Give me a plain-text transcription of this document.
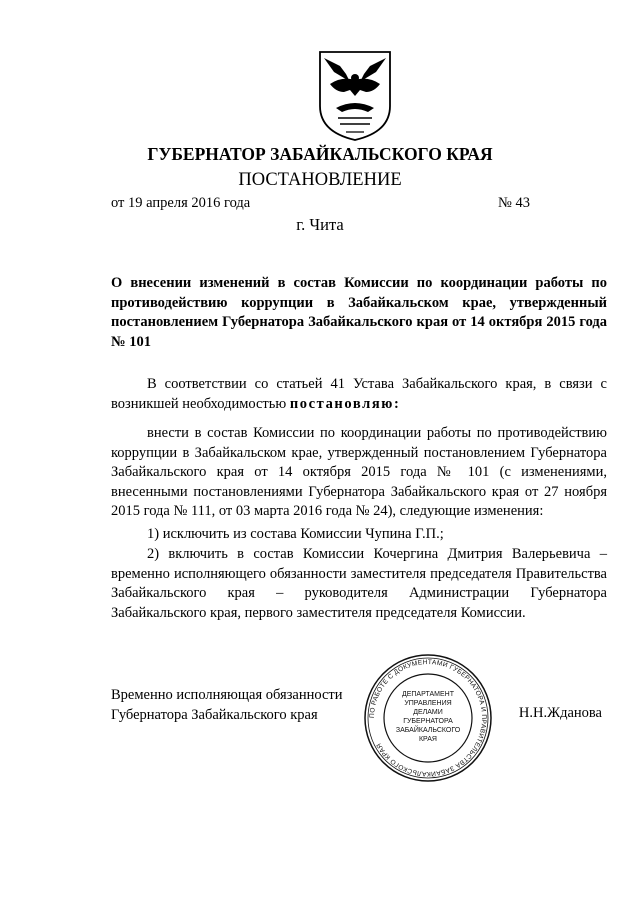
ГУБЕРНАТОР ЗАБАЙКАЛЬСКОГО КРАЯ
ПОСТАНОВЛЕНИЕ
от 19 апреля 2016 года	№ 43
г. Чита
О внесении изменений в состав Комиссии по координации работы по противодействию коррупции в Забайкальском крае, утвержденный постановлением Губернатора Забайкальского края от 14 октября 2015 года № 101
В соответствии со статьей 41 Устава Забайкальского края, в связи с возникшей необходимостью постановляю:
внести в состав Комиссии по координации работы по противодействию коррупции в Забайкальском крае, утвержденный постановлением Губернатора Забайкальского края от 14 октября 2015 года № 101 (с изменениями, внесенными постановлениями Губернатора Забайкальского края от 27 ноября 2015 года № 111, от 03 марта 2016 года № 24), следующие изменения:
1) исключить из состава Комиссии Чупина Г.П.;
2) включить в состав Комиссии Кочергина Дмитрия Валерьевича – временно исполняющего обязанности заместителя председателя Правительства Забайкальского края – руководителя Администрации Губернатора Забайкальского края, первого заместителя председателя Комиссии.
Временно исполняющая обязанности
Губернатора Забайкальского края	Н.Н.Жданова
ПО РАБОТЕ С ДОКУМЕНТАМИ ГУБЕРНАТОРА И ПРАВИТЕЛЬСТВА ЗАБАЙКАЛЬСКОГО КРАЯ
ДЕПАРТАМЕНТ УПРАВЛЕНИЯ ДЕЛАМИ ГУБЕРНАТОРА ЗАБАЙКАЛЬСКОГО КРАЯ
